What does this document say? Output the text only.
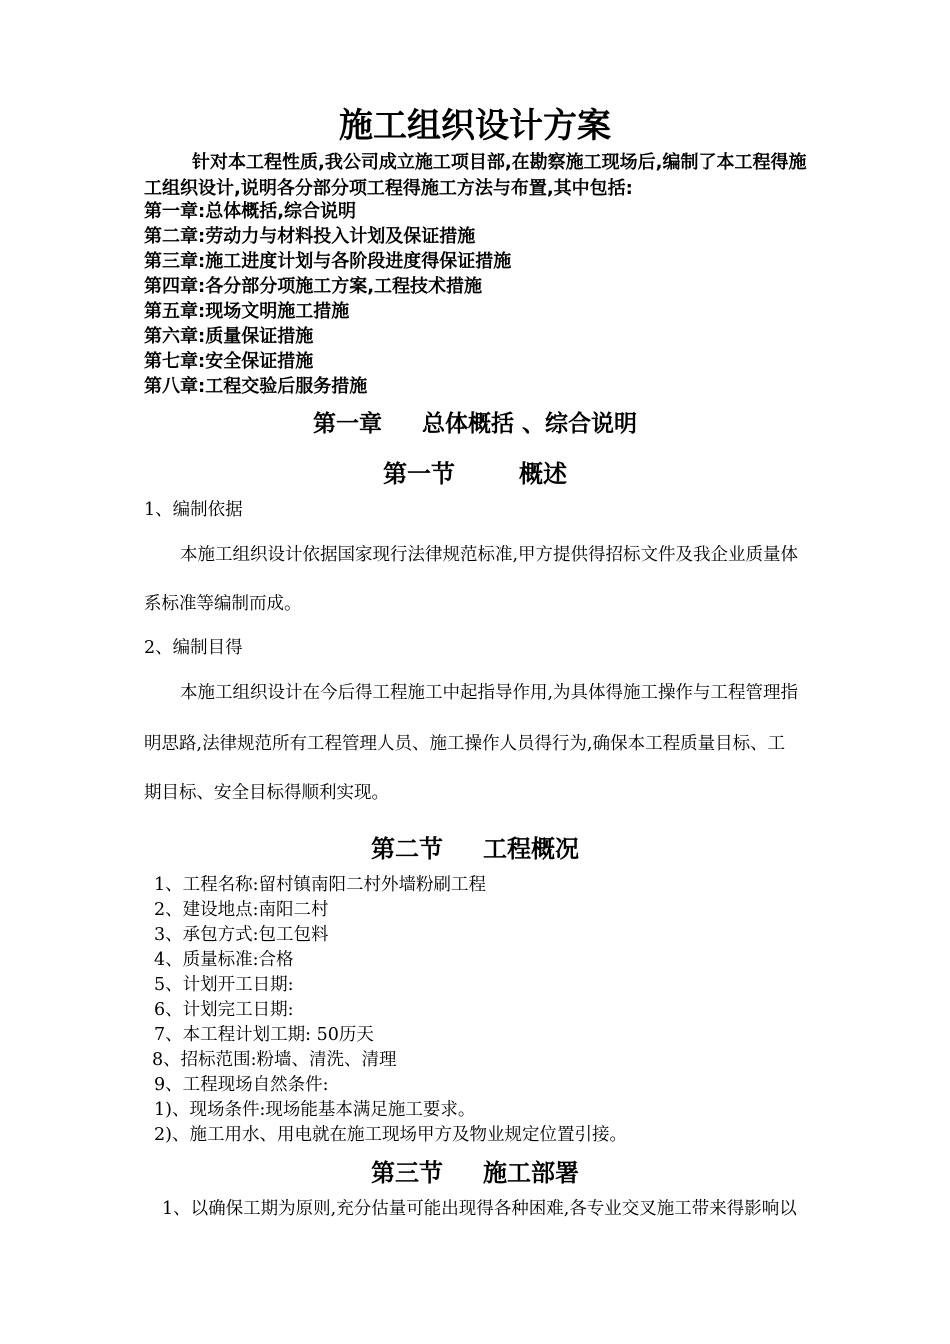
施工组织设计方案
针对本工程性质,我公司成立施工项目部,在勘察施工现场后,编制了本工程得施
工组织设计,说明各分部分项工程得施工方法与布置,其中包括:
第一章:总体概括,综合说明
第二章:劳动力与材料投入计划及保证措施
第三章:施工进度计划与各阶段进度得保证措施
第四章:各分部分项施工方案,工程技术措施
第五章:现场文明施工措施
第六章:质量保证措施
第七章:安全保证措施
第八章:工程交验后服务措施
第一章 总体概括 、综合说明
第一节	概述
1、编制依据
本施工组织设计依据国家现行法律规范标准,甲方提供得招标文件及我企业质量体
系标准等编制而成。
2、编制目得
本施工组织设计在今后得工程施工中起指导作用,为具体得施工操作与工程管理指
明思路,法律规范所有工程管理人员、施工操作人员得行为,确保本工程质量目标、工
期目标、安全目标得顺利实现。
第二节 工程概况
1、工程名称:留村镇南阳二村外墙粉刷工程
2、建设地点:南阳二村
3、承包方式:包工包料
4、质量标准:合格
5、计划开工日期:
6、计划完工日期:
7、本工程计划工期: 50历天
8、招标范围:粉墙、清洗、清理
9、工程现场自然条件:
1)、现场条件:现场能基本满足施工要求。
2)、施工用水、用电就在施工现场甲方及物业规定位置引接。
第三节 施工部署
1、以确保工期为原则,充分估量可能出现得各种困难,各专业交叉施工带来得影响以
